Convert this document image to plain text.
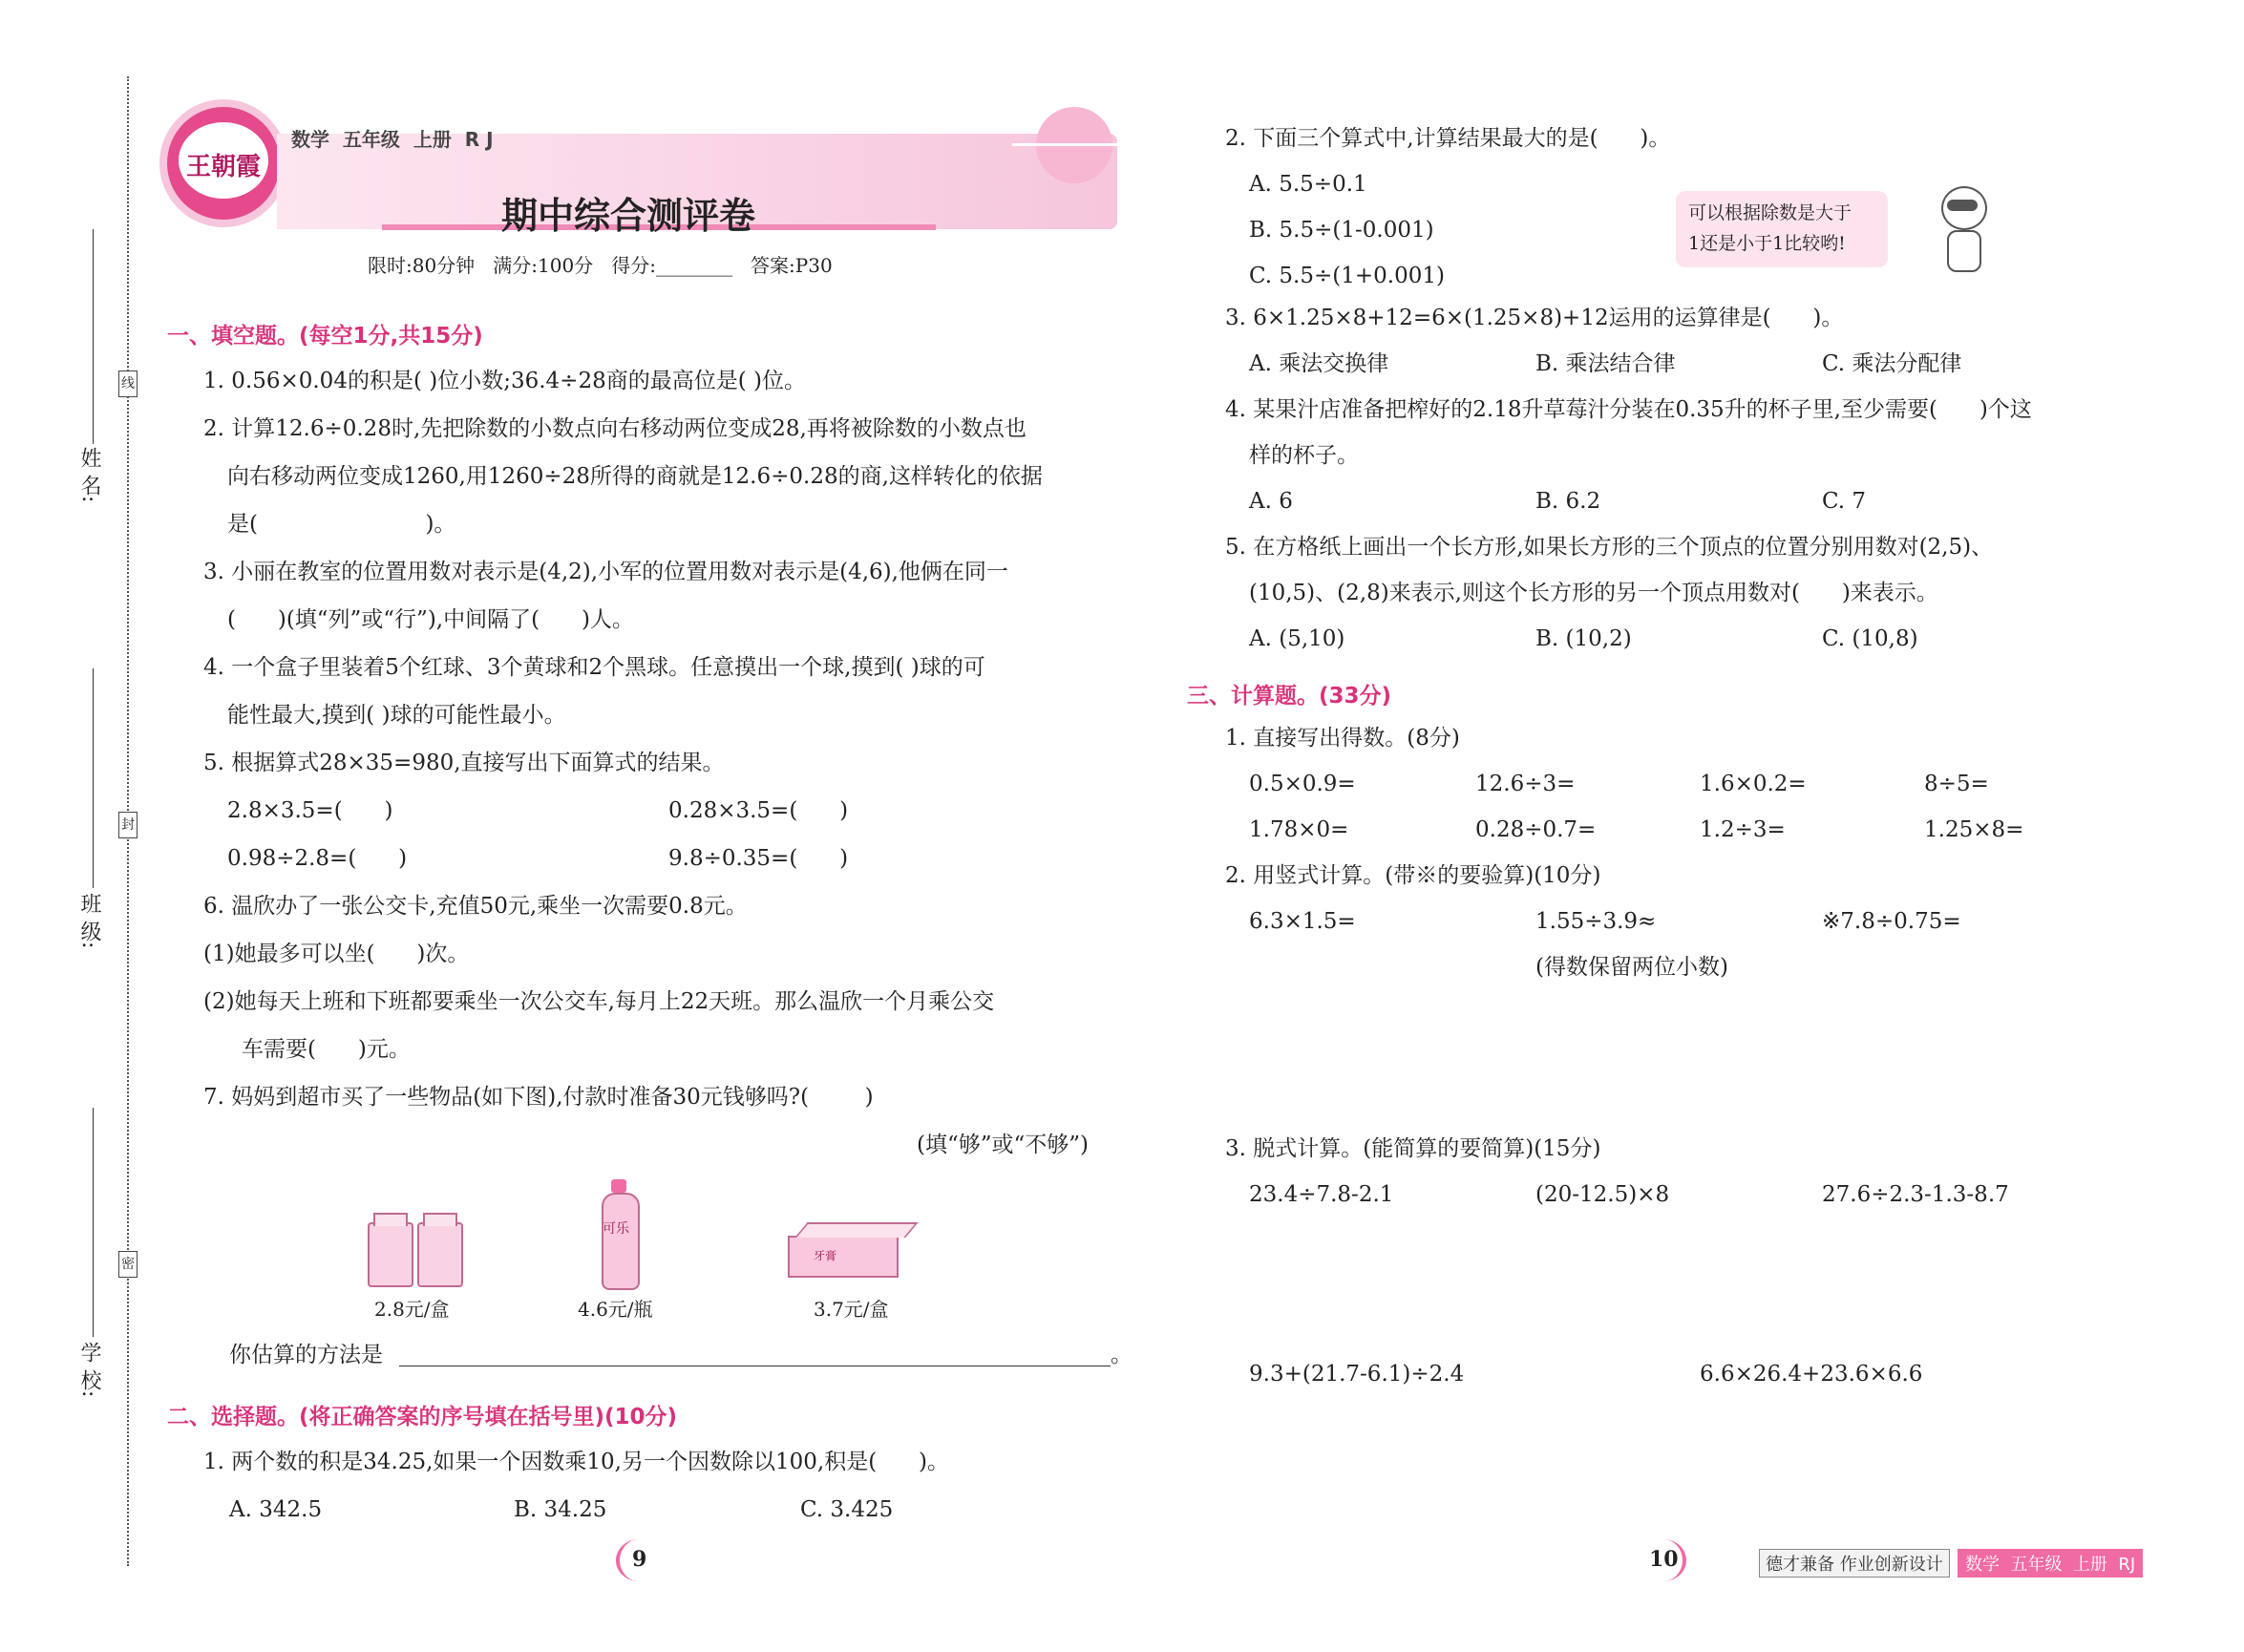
线
封
密
姓 名:
班 级:
学 校:
王朝霞
数学  五年级  上册  R J
期中综合测评卷
限时:80分钟   满分:100分   得分:________   答案:P30
一、填空题。(每空1分,共15分)
1. 0.56×0.04的积是( )位小数;36.4÷28商的最高位是( )位。
2. 计算12.6÷0.28时,先把除数的小数点向右移动两位变成28,再将被除数的小数点也
向右移动两位变成1260,用1260÷28所得的商就是12.6÷0.28的商,这样转化的依据
是(                        )。
3. 小丽在教室的位置用数对表示是(4,2),小军的位置用数对表示是(4,6),他俩在同一
(      )(填“列”或“行”),中间隔了(      )人。
4. 一个盒子里装着5个红球、3个黄球和2个黑球。任意摸出一个球,摸到( )球的可
能性最大,摸到( )球的可能性最小。
5. 根据算式28×35=980,直接写出下面算式的结果。
2.8×3.5=(      )	0.28×3.5=(      )
0.98÷2.8=(      )	9.8÷0.35=(      )
6. 温欣办了一张公交卡,充值50元,乘坐一次需要0.8元。
(1)她最多可以坐(      )次。
(2)她每天上班和下班都要乘坐一次公交车,每月上22天班。那么温欣一个月乘公交
车需要(      )元。
7. 妈妈到超市买了一些物品(如下图),付款时准备30元钱够吗?(        )
(填“够”或“不够”)
2.8元/盒
可乐
4.6元/瓶
牙膏
3.7元/盒
你估算的方法是	。
二、选择题。(将正确答案的序号填在括号里)(10分)
1. 两个数的积是34.25,如果一个因数乘10,另一个因数除以100,积是(      )。
A. 342.5	B. 34.25	C. 3.425
9
2. 下面三个算式中,计算结果最大的是(      )。
A. 5.5÷0.1
B. 5.5÷(1-0.001)
C. 5.5÷(1+0.001)
可以根据除数是大于
1还是小于1比较哟!
3. 6×1.25×8+12=6×(1.25×8)+12运用的运算律是(      )。
A. 乘法交换律	B. 乘法结合律	C. 乘法分配律
4. 某果汁店准备把榨好的2.18升草莓汁分装在0.35升的杯子里,至少需要(      )个这
样的杯子。
A. 6	B. 6.2	C. 7
5. 在方格纸上画出一个长方形,如果长方形的三个顶点的位置分别用数对(2,5)、
(10,5)、(2,8)来表示,则这个长方形的另一个顶点用数对(      )来表示。
A. (5,10)	B. (10,2)	C. (10,8)
三、计算题。(33分)
1. 直接写出得数。(8分)
0.5×0.9=	12.6÷3=	1.6×0.2=	8÷5=
1.78×0=	0.28÷0.7=	1.2÷3=	1.25×8=
2. 用竖式计算。(带※的要验算)(10分)
6.3×1.5=	1.55÷3.9≈	※7.8÷0.75=
(得数保留两位小数)
3. 脱式计算。(能简算的要简算)(15分)
23.4÷7.8-2.1	(20-12.5)×8	27.6÷2.3-1.3-8.7
9.3+(21.7-6.1)÷2.4	6.6×26.4+23.6×6.6
10	德才兼备 作业创新设计	数学  五年级  上册  RJ
